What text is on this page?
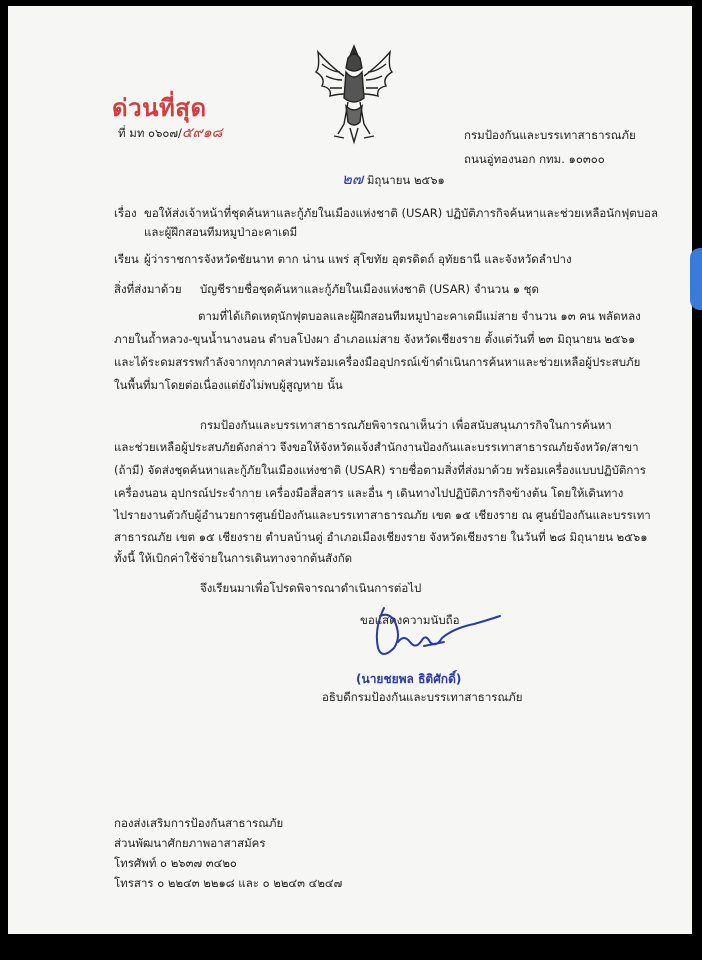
ด่วนที่สุด
ที่ มท ๐๖๐๗/๕๙๑๘	กรมป้องกันและบรรเทาสาธารณภัย
ถนนอู่ทองนอก กทม. ๑๐๓๐๐
๒๗ มิถุนายน ๒๕๖๑
เรื่อง ขอให้ส่งเจ้าหน้าที่ชุดค้นหาและกู้ภัยในเมืองแห่งชาติ (USAR) ปฏิบัติภารกิจค้นหาและช่วยเหลือนักฟุตบอล
และผู้ฝึกสอนทีมหมูป่าอะคาเดมี
เรียน ผู้ว่าราชการจังหวัดชัยนาท ตาก น่าน แพร่ สุโขทัย อุตรดิตถ์ อุทัยธานี และจังหวัดลำปาง
สิ่งที่ส่งมาด้วย บัญชีรายชื่อชุดค้นหาและกู้ภัยในเมืองแห่งชาติ (USAR) จำนวน ๑ ชุด
ตามที่ได้เกิดเหตุนักฟุตบอลและผู้ฝึกสอนทีมหมูป่าอะคาเดมีแม่สาย จำนวน ๑๓ คน พลัดหลง
ภายในถ้ำหลวง-ขุนน้ำนางนอน ตำบลโป่งผา อำเภอแม่สาย จังหวัดเชียงราย ตั้งแต่วันที่ ๒๓ มิถุนายน ๒๕๖๑
และได้ระดมสรรพกำลังจากทุกภาคส่วนพร้อมเครื่องมืออุปกรณ์เข้าดำเนินการค้นหาและช่วยเหลือผู้ประสบภัย
ในพื้นที่มาโดยต่อเนื่องแต่ยังไม่พบผู้สูญหาย นั้น
กรมป้องกันและบรรเทาสาธารณภัยพิจารณาเห็นว่า เพื่อสนับสนุนภารกิจในการค้นหา
และช่วยเหลือผู้ประสบภัยดังกล่าว จึงขอให้จังหวัดแจ้งสำนักงานป้องกันและบรรเทาสาธารณภัยจังหวัด/สาขา
(ถ้ามี) จัดส่งชุดค้นหาและกู้ภัยในเมืองแห่งชาติ (USAR) รายชื่อตามสิ่งที่ส่งมาด้วย พร้อมเครื่องแบบปฏิบัติการ
เครื่องนอน อุปกรณ์ประจำกาย เครื่องมือสื่อสาร และอื่น ๆ เดินทางไปปฏิบัติภารกิจข้างต้น โดยให้เดินทาง
ไปรายงานตัวกับผู้อำนวยการศูนย์ป้องกันและบรรเทาสาธารณภัย เขต ๑๕ เชียงราย ณ ศูนย์ป้องกันและบรรเทา
สาธารณภัย เขต ๑๕ เชียงราย ตำบลบ้านดู่ อำเภอเมืองเชียงราย จังหวัดเชียงราย ในวันที่ ๒๘ มิถุนายน ๒๕๖๑
ทั้งนี้ ให้เบิกค่าใช้จ่ายในการเดินทางจากต้นสังกัด
จึงเรียนมาเพื่อโปรดพิจารณาดำเนินการต่อไป
ขอแสดงความนับถือ
(นายชยพล ธิติศักดิ์)
อธิบดีกรมป้องกันและบรรเทาสาธารณภัย
กองส่งเสริมการป้องกันสาธารณภัย
ส่วนพัฒนาศักยภาพอาสาสมัคร
โทรศัพท์ ๐ ๒๖๓๗ ๓๔๒๐
โทรสาร ๐ ๒๒๔๓ ๒๒๑๘ และ ๐ ๒๒๔๓ ๔๒๔๗
